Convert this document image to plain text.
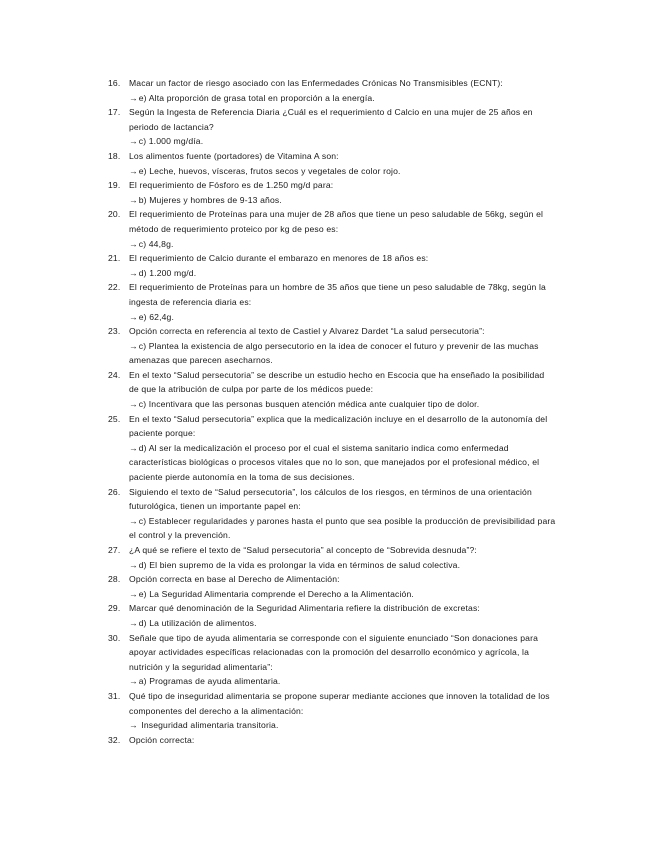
16. Macar un factor de riesgo asociado con las Enfermedades Crónicas No Transmisibles (ECNT):
→e) Alta proporción de grasa total en proporción a la energía.
17. Según la Ingesta de Referencia Diaria ¿Cuál es el requerimiento d Calcio en una mujer de 25 años en periodo de lactancia?
→c) 1.000 mg/día.
18. Los alimentos fuente (portadores) de Vitamina A son:
→e) Leche, huevos, vísceras, frutos secos y vegetales de color rojo.
19. El requerimiento de Fósforo es de 1.250 mg/d para:
→b) Mujeres y hombres de 9-13 años.
20. El requerimiento de Proteínas para una mujer de 28 años que tiene un peso saludable de 56kg, según el método de requerimiento proteico por kg de peso es:
→c) 44,8g.
21. El requerimiento de Calcio durante el embarazo en menores de 18 años es:
→d) 1.200 mg/d.
22. El requerimiento de Proteínas para un hombre de 35 años que tiene un peso saludable de 78kg, según la ingesta de referencia diaria es:
→e) 62,4g.
23. Opción correcta en referencia al texto de Castiel y Alvarez Dardet “La salud persecutoria”:
→c) Plantea la existencia de algo persecutorio en la idea de conocer el futuro y prevenir de las muchas amenazas que parecen asecharnos.
24. En el texto “Salud persecutoria” se describe un estudio hecho en Escocia que ha enseñado la posibilidad de que la atribución de culpa por parte de los médicos puede:
→c) Incentivara que las personas busquen atención médica ante cualquier tipo de dolor.
25. En el texto “Salud persecutoria” explica que la medicalización incluye en el desarrollo de la autonomía del paciente porque:
→d) Al ser la medicalización el proceso por el cual el sistema sanitario indica como enfermedad características biológicas o procesos vitales que no lo son, que manejados por el profesional médico, el paciente pierde autonomía en la toma de sus decisiones.
26. Siguiendo el texto de “Salud persecutoria”, los cálculos de los riesgos, en términos de una orientación futurológica, tienen un importante papel en:
→c) Establecer regularidades y parones hasta el punto que sea posible la producción de previsibilidad para el control y la prevención.
27. ¿A qué se refiere el texto de “Salud persecutoria” al concepto de “Sobrevida desnuda”?:
→d) El bien supremo de la vida es prolongar la vida en términos de salud colectiva.
28. Opción correcta en base al Derecho de Alimentación:
→e) La Seguridad Alimentaria comprende el Derecho a la Alimentación.
29. Marcar qué denominación de la Seguridad Alimentaria refiere la distribución de excretas:
→d) La utilización de alimentos.
30. Señale que tipo de ayuda alimentaria se corresponde con el siguiente enunciado “Son donaciones para apoyar actividades específicas relacionadas con la promoción del desarrollo económico y agrícola, la nutrición y la seguridad alimentaria”:
→a) Programas de ayuda alimentaria.
31. Qué tipo de inseguridad alimentaria se propone superar mediante acciones que innoven la totalidad de los componentes del derecho a la alimentación:
→ Inseguridad alimentaria transitoria.
32. Opción correcta:
